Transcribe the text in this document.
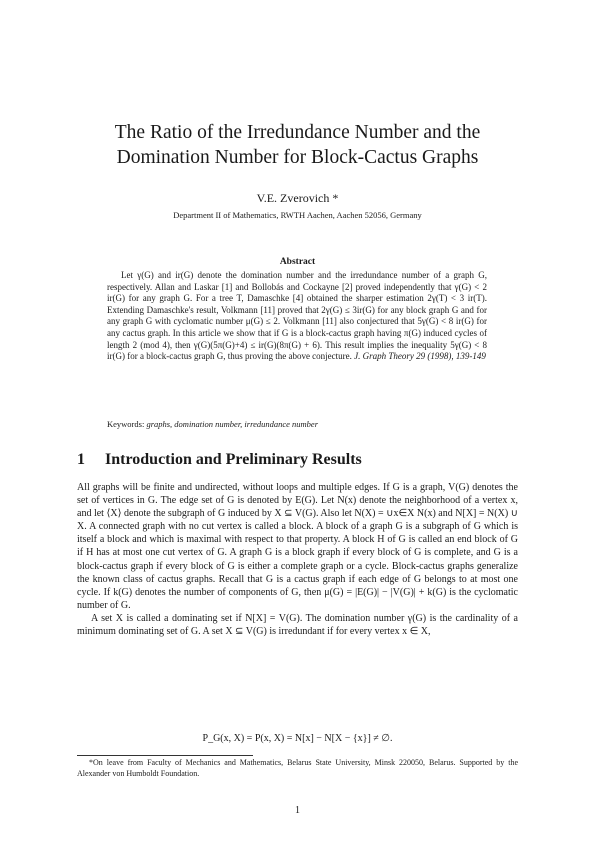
The Ratio of the Irredundance Number and the
Domination Number for Block-Cactus Graphs
V.E. Zverovich *
Department II of Mathematics, RWTH Aachen, Aachen 52056, Germany
Abstract

Let γ(G) and ir(G) denote the domination number and the irredundance number of a graph G, respectively. Allan and Laskar [1] and Bollobás and Cockayne [2] proved independently that γ(G) < 2 ir(G) for any graph G. For a tree T, Damaschke [4] obtained the sharper estimation 2γ(T) < 3 ir(T). Extending Damaschke's result, Volkmann [11] proved that 2γ(G) ≤ 3ir(G) for any block graph G and for any graph G with cyclomatic number μ(G) ≤ 2. Volkmann [11] also conjectured that 5γ(G) < 8 ir(G) for any cactus graph. In this article we show that if G is a block-cactus graph having π(G) induced cycles of length 2 (mod 4), then γ(G)(5π(G)+4) ≤ ir(G)(8π(G) + 6). This result implies the inequality 5γ(G) < 8 ir(G) for a block-cactus graph G, thus proving the above conjecture. J. Graph Theory 29 (1998), 139-149

Keywords: graphs, domination number, irredundance number
1 Introduction and Preliminary Results

All graphs will be finite and undirected, without loops and multiple edges. If G is a graph, V(G) denotes the set of vertices in G. The edge set of G is denoted by E(G). Let N(x) denote the neighborhood of a vertex x, and let ⟨X⟩ denote the subgraph of G induced by X ⊆ V(G). Also let N(X) = ∪x∈X N(x) and N[X] = N(X) ∪ X. A connected graph with no cut vertex is called a block. A block of a graph G is a subgraph of G which is itself a block and which is maximal with respect to that property. A block H of G is called an end block of G if H has at most one cut vertex of G. A graph G is a block graph if every block of G is complete, and G is a block-cactus graph if every block of G is either a complete graph or a cycle. Block-cactus graphs generalize the known class of cactus graphs. Recall that G is a cactus graph if each edge of G belongs to at most one cycle. If k(G) denotes the number of components of G, then μ(G) = |E(G)| − |V(G)| + k(G) is the cyclomatic number of G.

A set X is called a dominating set if N[X] = V(G). The domination number γ(G) is the cardinality of a minimum dominating set of G. A set X ⊆ V(G) is irredundant if for every vertex x ∈ X,

P_G(x, X) = P(x, X) = N[x] − N[X − {x}] ≠ ∅.

*On leave from Faculty of Mechanics and Mathematics, Belarus State University, Minsk 220050, Belarus. Supported by the Alexander von Humboldt Foundation.

1
